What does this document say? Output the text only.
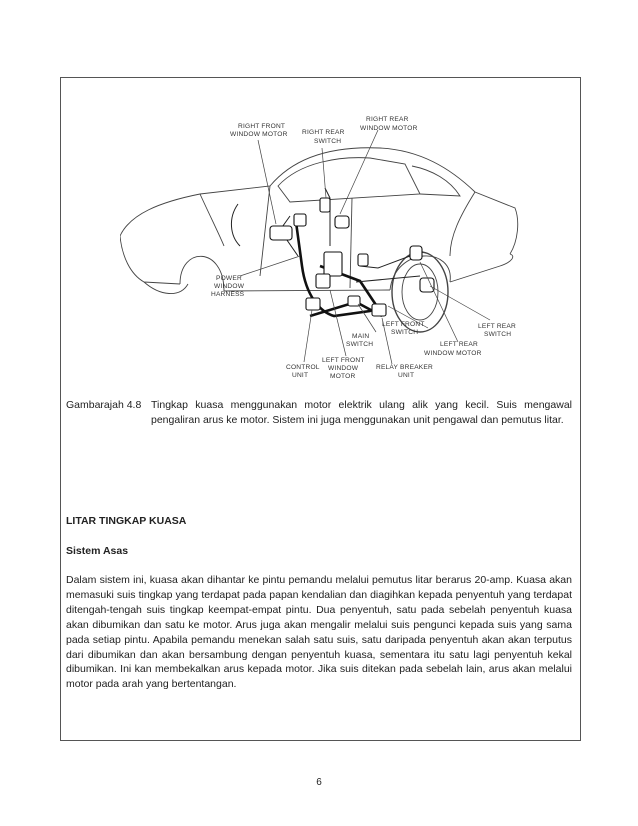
RIGHT FRONT
WINDOW MOTOR RIGHT REAR
SWITCH
RIGHT REAR
WINDOW MOTOR
POWER
WINDOW
HARNESS
LEFT FRONT
SWITCH
LEFT REAR
SWITCH
MAIN
SWITCH	LEFT REAR
WINDOW MOTOR
CONTROL
UNIT
LEFT FRONT
WINDOW
MOTOR
RELAY BREAKER
UNIT
Gambarajah 4.8 Tingkap kuasa menggunakan motor elektrik ulang alik yang kecil. Suis mengawal pengaliran arus ke motor. Sistem ini juga menggunakan unit pengawal dan pemutus litar.
LITAR TINGKAP KUASA
Sistem Asas
Dalam sistem ini, kuasa akan dihantar ke pintu pemandu melalui pemutus litar berarus 20-amp. Kuasa akan memasuki suis tingkap yang terdapat pada papan kendalian dan diagihkan kepada penyentuh yang terdapat ditengah-tengah suis tingkap keempat-empat pintu. Dua penyentuh, satu pada sebelah penyentuh kuasa akan dibumikan dan satu ke motor. Arus juga akan mengalir melalui suis pengunci kepada suis yang sama pada setiap pintu. Apabila pemandu menekan salah satu suis, satu daripada penyentuh akan akan terputus dari dibumikan dan akan bersambung dengan penyentuh kuasa, sementara itu satu lagi penyentuh kekal dibumikan. Ini kan membekalkan arus kepada motor. Jika suis ditekan pada sebelah lain, arus akan melalui motor pada arah yang bertentangan.
6
